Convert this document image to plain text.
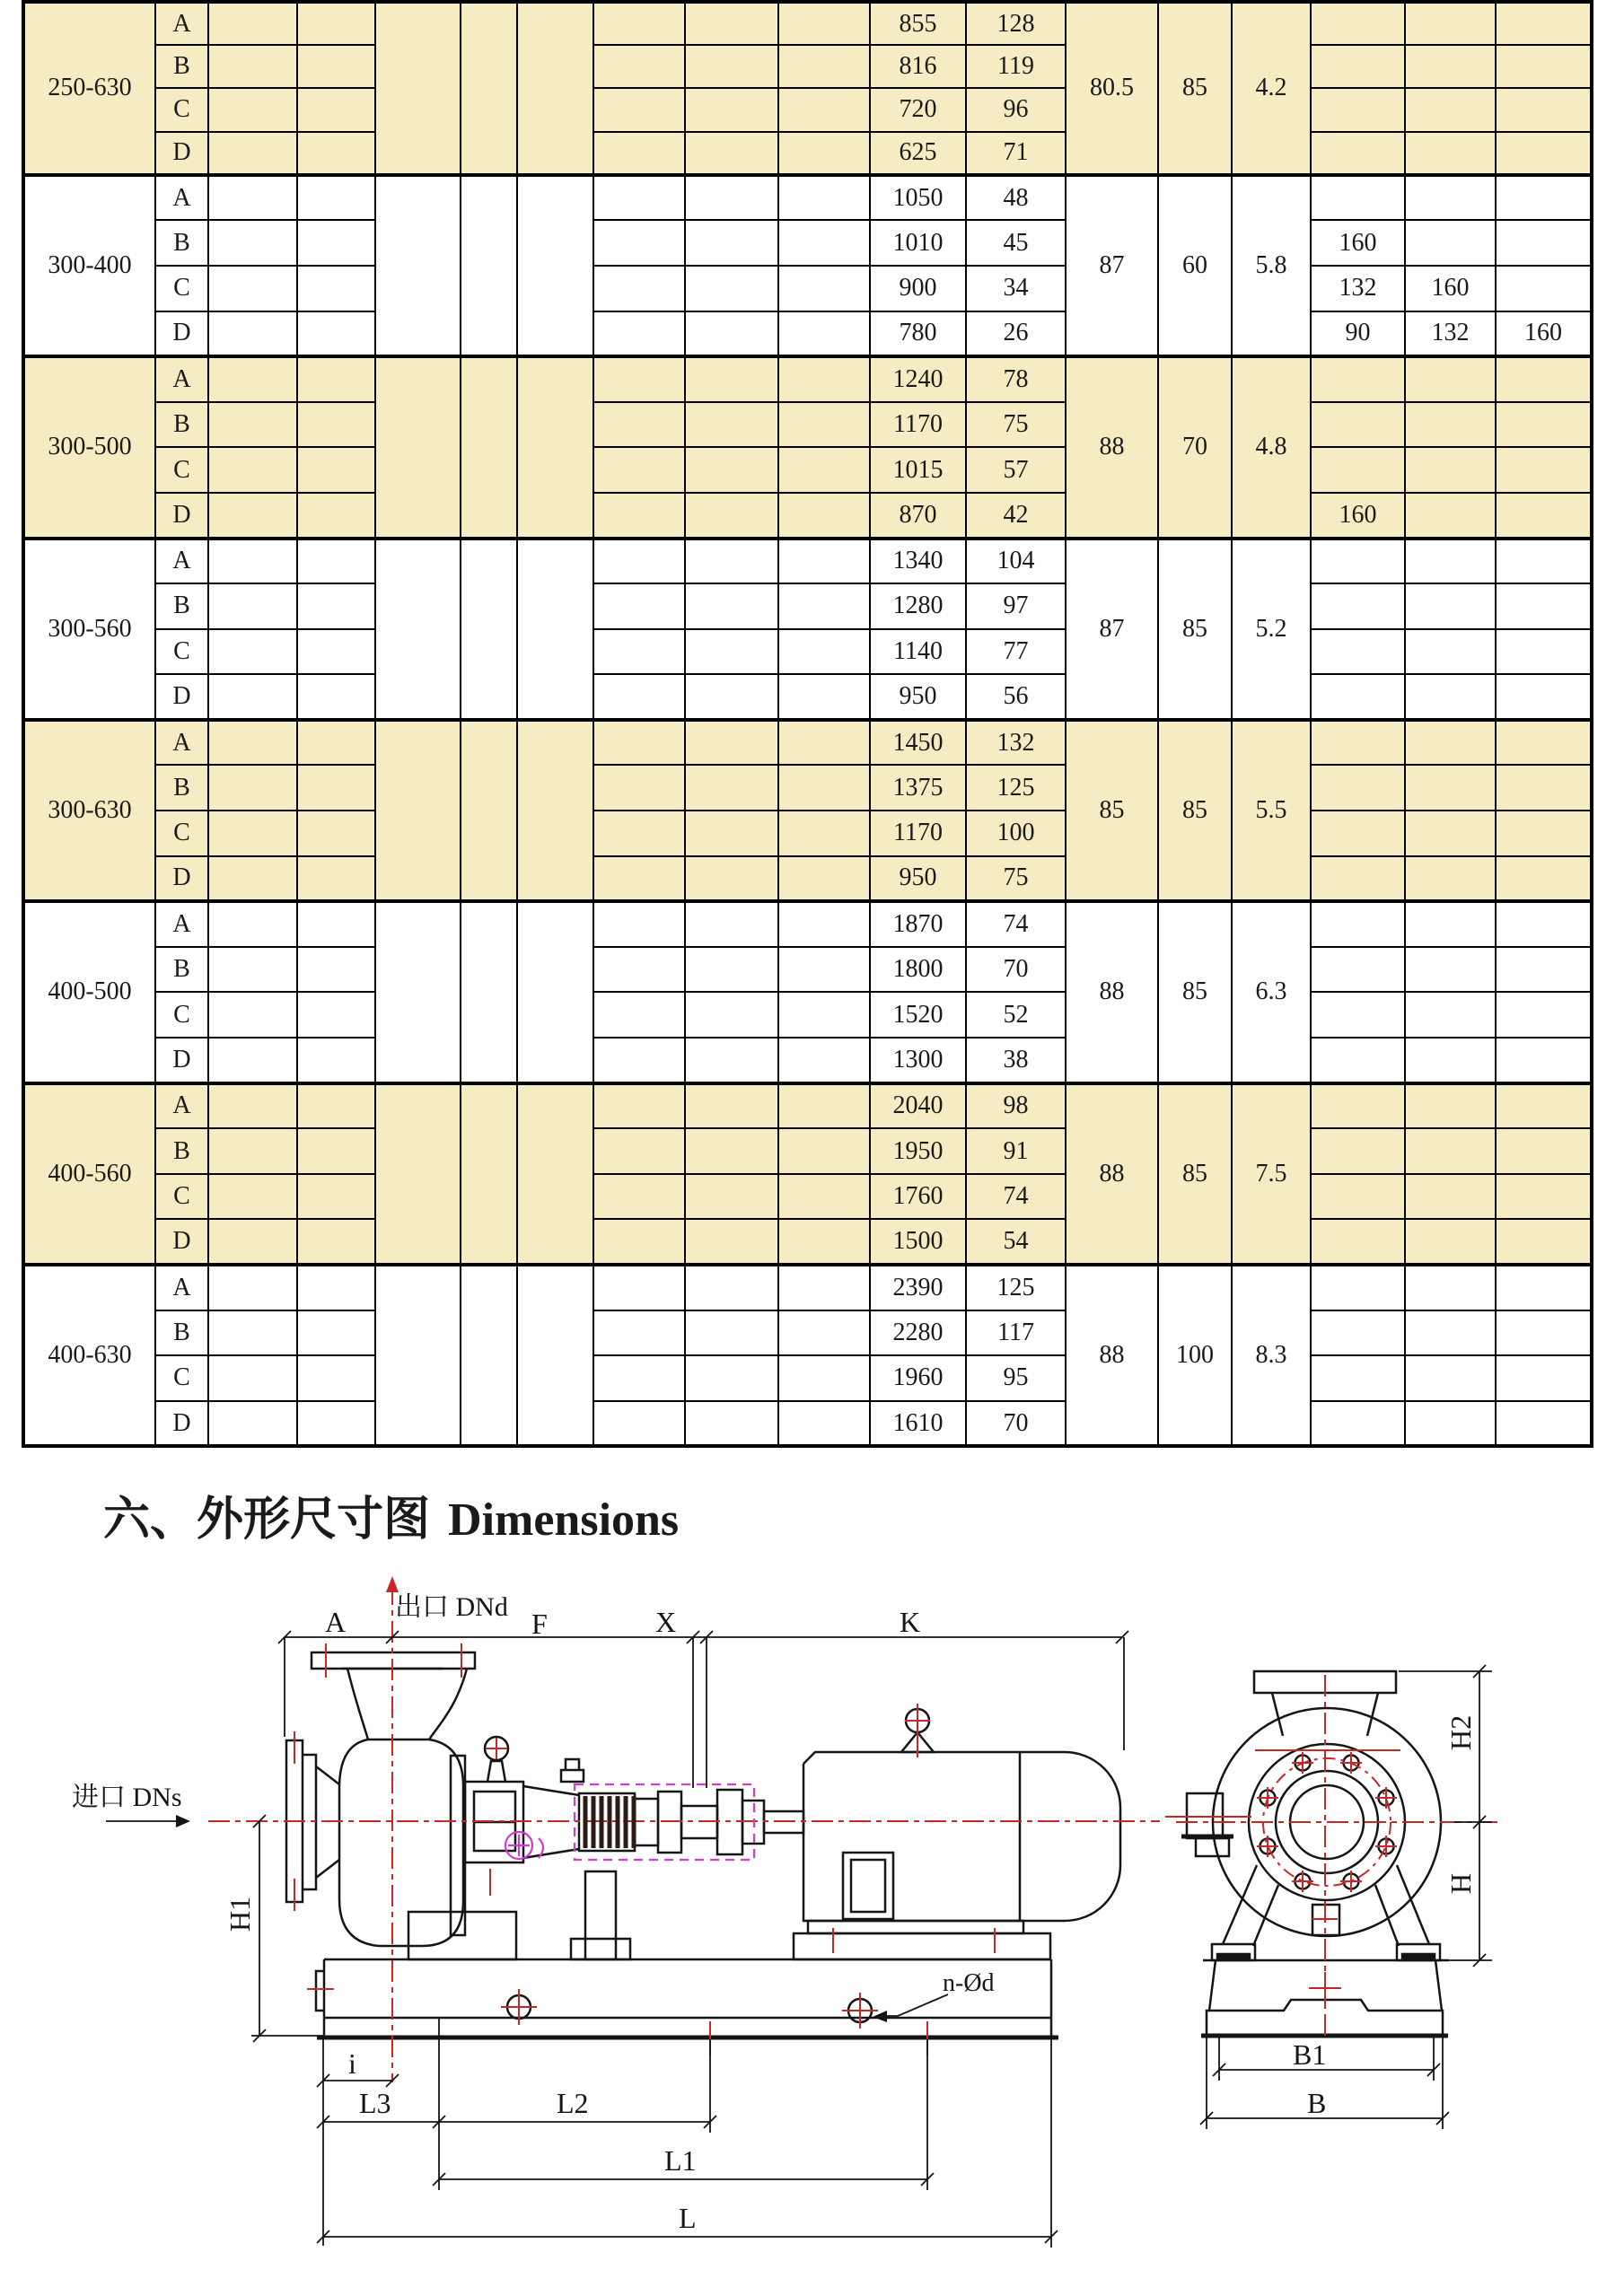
250-630	A									855	128	80.5	85	4.2			
	B									816	119						
	C									720	96						
	D									625	71						
300-400	A									1050	48	87	60	5.8			
	B									1010	45				160		
	C									900	34				132	160	
	D									780	26				90	132	160
300-500	A									1240	78	88	70	4.8			
	B									1170	75						
	C									1015	57						
	D									870	42				160		
300-560	A									1340	104	87	85	5.2			
	B									1280	97						
	C									1140	77						
	D									950	56						
300-630	A									1450	132	85	85	5.5			
	B									1375	125						
	C									1170	100						
	D									950	75						
400-500	A									1870	74	88	85	6.3			
	B									1800	70						
	C									1520	52						
	D									1300	38						
400-560	A									2040	98	88	85	7.5			
	B									1950	91						
	C									1760	74						
	D									1500	54						
400-630	A									2390	125	88	100	8.3			
	B									2280	117						
	C									1960	95						
	D									1610	70						
六、外形尺寸图 Dimensions
出口 DNd
进口 DNs
A	F	X	K
H1
i
L3	L2
L1
L
n-Ød
H2
H
B1
B
